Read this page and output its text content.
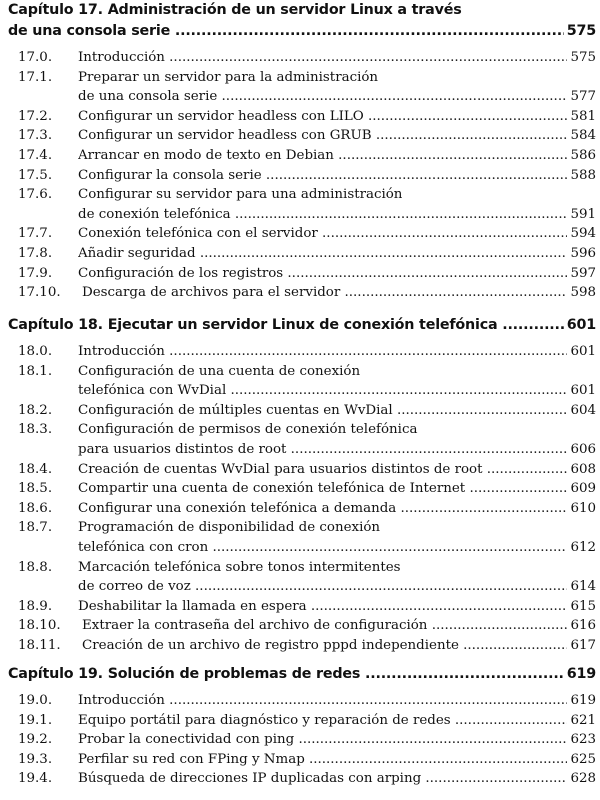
Capítulo 17. Administración de un servidor Linux a través
de una consola serie .....	575
17.0.	Introducción .....	575
17.1. Preparar un servidor para la administración
de una consola serie .....	577
17.2.	Configurar un servidor headless con LILO .....	581
17.3.	Configurar un servidor headless con GRUB .....	584
17.4.	Arrancar en modo de texto en Debian .....	586
17.5.	Configurar la consola serie .....	588
17.6. Configurar su servidor para una administración
de conexión telefónica .....	591
17.7.	Conexión telefónica con el servidor .....	594
17.8.	Añadir seguridad .....	596
17.9.	Configuración de los registros .....	597
17.10.	Descarga de archivos para el servidor .....	598
Capítulo 18. Ejecutar un servidor Linux de conexión telefónica .....	601
18.0.	Introducción .....	601
18.1. Configuración de una cuenta de conexión
telefónica con WvDial .....	601
18.2.	Configuración de múltiples cuentas en WvDial .....	604
18.3. Configuración de permisos de conexión telefónica
para usuarios distintos de root .....	606
18.4.	Creación de cuentas WvDial para usuarios distintos de root .....	608
18.5.	Compartir una cuenta de conexión telefónica de Internet .....	609
18.6.	Configurar una conexión telefónica a demanda .....	610
18.7. Programación de disponibilidad de conexión
telefónica con cron .....	612
18.8. Marcación telefónica sobre tonos intermitentes
de correo de voz .....	614
18.9.	Deshabilitar la llamada en espera .....	615
18.10.	Extraer la contraseña del archivo de configuración .....	616
18.11.	Creación de un archivo de registro pppd independiente .....	617
Capítulo 19. Solución de problemas de redes .....	619
19.0.	Introducción .....	619
19.1.	Equipo portátil para diagnóstico y reparación de redes .....	621
19.2.	Probar la conectividad con ping .....	623
19.3.	Perfilar su red con FPing y Nmap .....	625
19.4.	Búsqueda de direcciones IP duplicadas con arping .....	628
